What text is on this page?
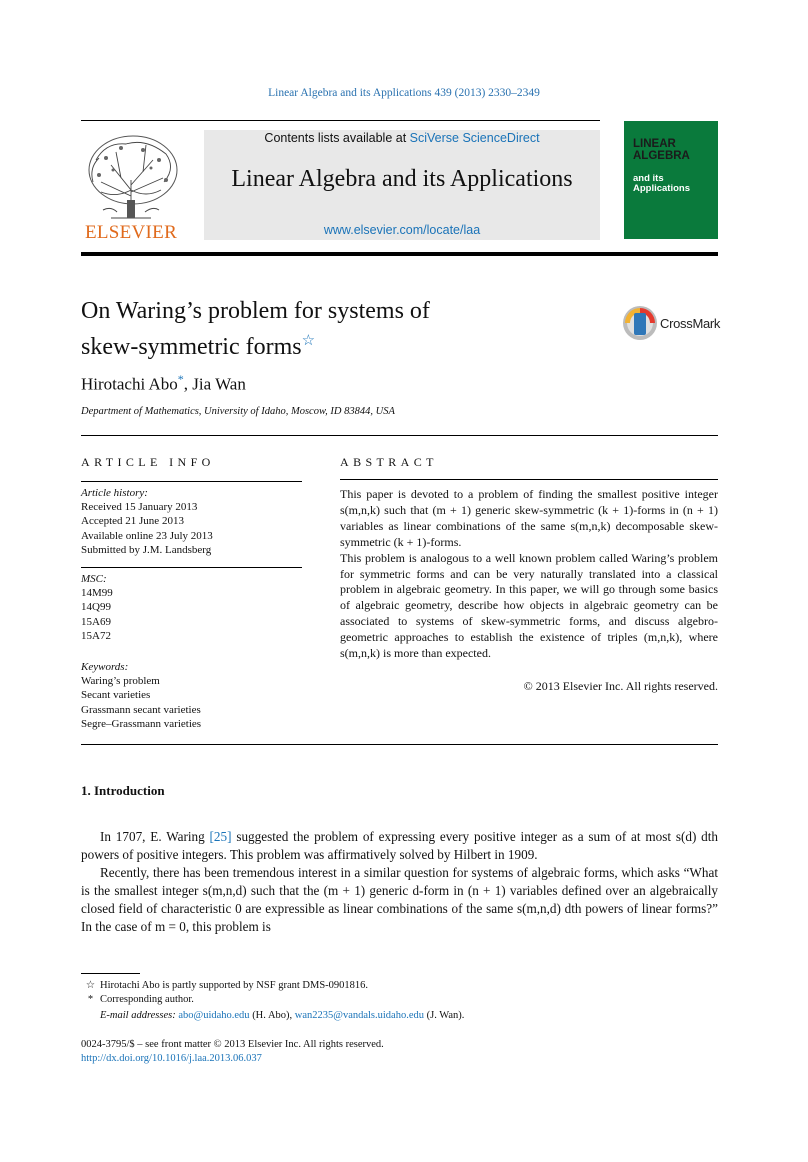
Linear Algebra and its Applications 439 (2013) 2330–2349
ELSEVIER
Contents lists available at SciVerse ScienceDirect
Linear Algebra and its Applications
www.elsevier.com/locate/laa
LINEAR ALGEBRA
and its Applications
On Waring’s problem for systems of
skew-symmetric forms☆
CrossMark
Hirotachi Abo*, Jia Wan
Department of Mathematics, University of Idaho, Moscow, ID 83844, USA
ARTICLE INFO	ABSTRACT
Article history:
Received 15 January 2013
Accepted 21 June 2013
Available online 23 July 2013
Submitted by J.M. Landsberg
MSC:
14M99
14Q99
15A69
15A72
Keywords:
Waring’s problem
Secant varieties
Grassmann secant varieties
Segre–Grassmann varieties

This paper is devoted to a problem of finding the smallest positive integer s(m,n,k) such that (m + 1) generic skew-symmetric (k + 1)-forms in (n + 1) variables as linear combinations of the same s(m,n,k) decomposable skew-symmetric (k + 1)-forms.

This problem is analogous to a well known problem called Waring’s problem for symmetric forms and can be very naturally translated into a classical problem in algebraic geometry. In this paper, we will go through some basics of algebraic geometry, describe how objects in algebraic geometry can be associated to systems of skew-symmetric forms, and discuss algebro-geometric approaches to establish the existence of triples (m,n,k), where s(m,n,k) is more than expected.

© 2013 Elsevier Inc. All rights reserved.
1. Introduction

In 1707, E. Waring [25] suggested the problem of expressing every positive integer as a sum of at most s(d) dth powers of positive integers. This problem was affirmatively solved by Hilbert in 1909.

Recently, there has been tremendous interest in a similar question for systems of algebraic forms, which asks “What is the smallest integer s(m,n,d) such that the (m + 1) generic d-form in (n + 1) variables defined over an algebraically closed field of characteristic 0 are expressible as linear combinations of the same s(m,n,d) dth powers of linear forms?” In the case of m = 0, this problem is

☆ Hirotachi Abo is partly supported by NSF grant DMS-0901816.
* Corresponding author.
E-mail addresses: abo@uidaho.edu (H. Abo), wan2235@vandals.uidaho.edu (J. Wan).
0024-3795/$ – see front matter © 2013 Elsevier Inc. All rights reserved.
http://dx.doi.org/10.1016/j.laa.2013.06.037
